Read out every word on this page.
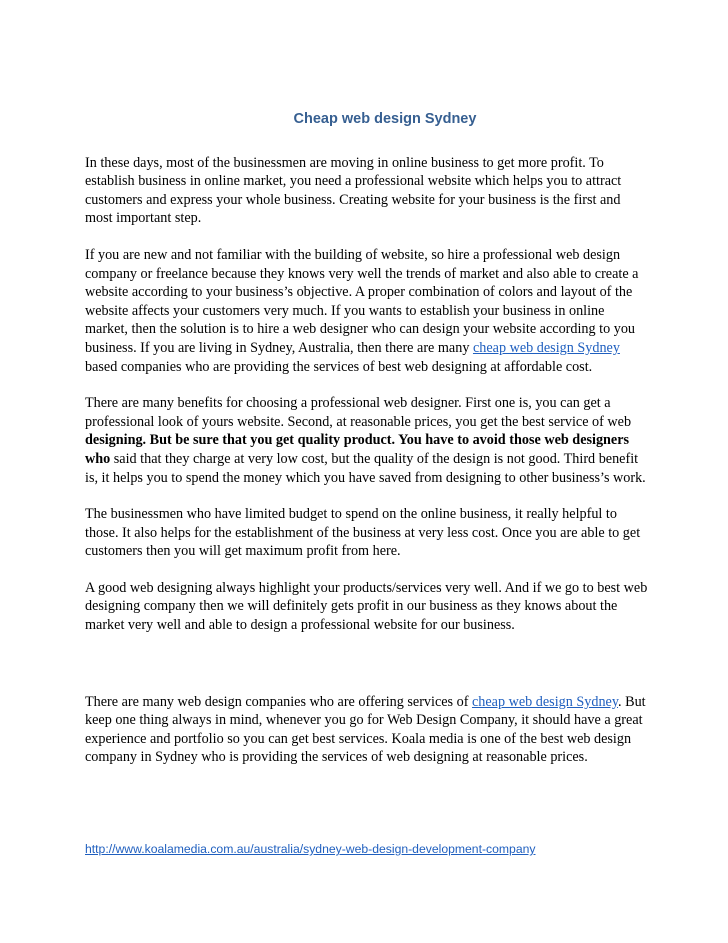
Cheap web design Sydney

In these days, most of the businessmen are moving in online business to get more profit. To establish business in online market, you need a professional website which helps you to attract customers and express your whole business. Creating website for your business is the first and most important step.

If you are new and not familiar with the building of website, so hire a professional web design company or freelance because they knows very well the trends of market and also able to create a website according to your business’s objective. A proper combination of colors and layout of the website affects your customers very much. If you wants to establish your business in online market, then the solution is to hire a web designer who can design your website according to you business. If you are living in Sydney, Australia, then there are many cheap web design Sydney based companies who are providing the services of best web designing at affordable cost.

There are many benefits for choosing a professional web designer. First one is, you can get a professional look of yours website. Second, at reasonable prices, you get the best service of web designing. But be sure that you get quality product. You have to avoid those web designers who said that they charge at very low cost, but the quality of the design is not good. Third benefit is, it helps you to spend the money which you have saved from designing to other business’s work.

The businessmen who have limited budget to spend on the online business, it really helpful to those. It also helps for the establishment of the business at very less cost. Once you are able to get customers then you will get maximum profit from here.

A good web designing always highlight your products/services very well. And if we go to best web designing company then we will definitely gets profit in our business as they knows about the market very well and able to design a professional website for our business.

There are many web design companies who are offering services of cheap web design Sydney. But keep one thing always in mind, whenever you go for Web Design Company, it should have a great experience and portfolio so you can get best services. Koala media is one of the best web design company in Sydney who is providing the services of web designing at reasonable prices.

http://www.koalamedia.com.au/australia/sydney-web-design-development-company
